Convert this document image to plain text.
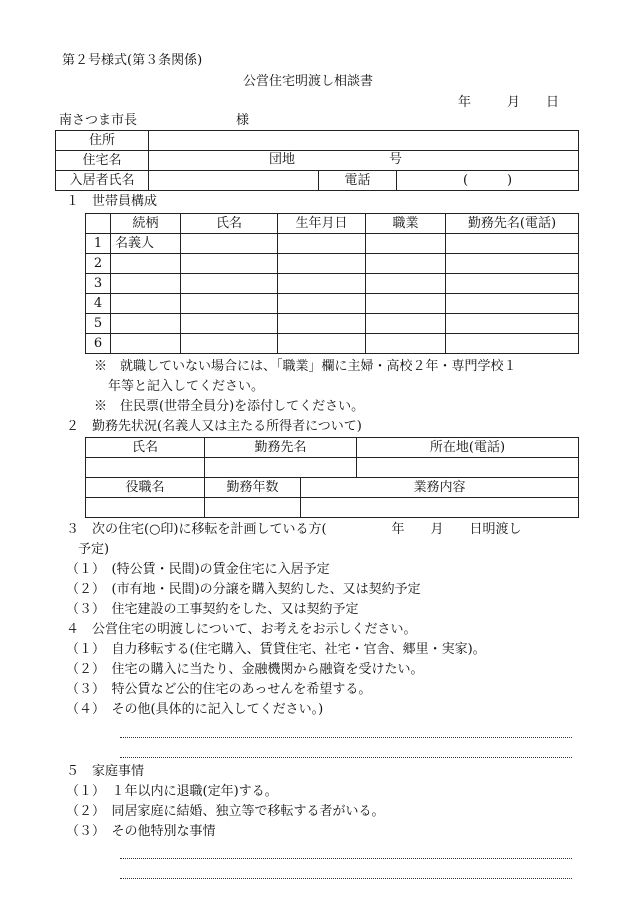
第２号様式(第３条関係)
公営住宅明渡し相談書
年	月 日
南さつま市長	様
住所			
住宅名	団地 号		

入居者氏名		電話	(　　　)
１　世帯員構成
	続柄	氏名	生年月日	職業	勤務先名(電話)
1	名義人				
2					
3					
4					
5					
6					
※　就職していない場合には、「職業」欄に主婦・高校２年・専門学校１
年等と記入してください。
※　住民票(世帯全員分)を添付してください。
２　勤務先状況(名義人又は主たる所得者について)
氏名	勤務先名	所在地(電話)

役職名	勤務年数	業務内容

３　次の住宅(○印)に移転を計画している方(　　　　　年　　月　　日明渡し
予定)
（１）　(特公賃・民間)の賃金住宅に入居予定
（２）　(市有地・民間)の分譲を購入契約した、又は契約予定
（３）　住宅建設の工事契約をした、又は契約予定
４　公営住宅の明渡しについて、お考えをお示しください。
（１）　自力移転する(住宅購入、賃貸住宅、社宅・官舎、郷里・実家)。
（２）　住宅の購入に当たり、金融機関から融資を受けたい。
（３）　特公賃など公的住宅のあっせんを希望する。
（４）　その他(具体的に記入してください。)
５　家庭事情
（１）　１年以内に退職(定年)する。
（２）　同居家庭に結婚、独立等で移転する者がいる。
（３）　その他特別な事情
